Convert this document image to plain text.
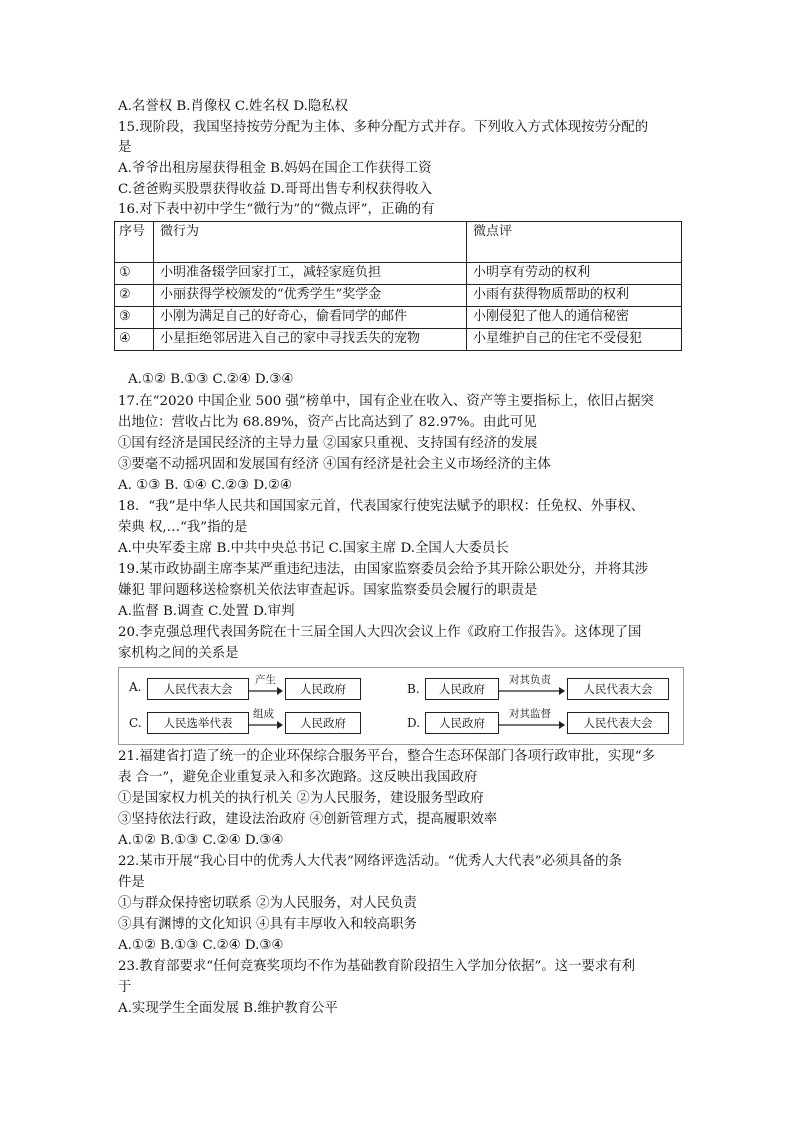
A.名誉权 B.肖像权 C.姓名权 D.隐私权
15.现阶段，我国坚持按劳分配为主体、多种分配方式并存。下列收入方式体现按劳分配的
是
A.爷爷出租房屋获得租金 B.妈妈在国企工作获得工资
C.爸爸购买股票获得收益 D.哥哥出售专利权获得收入
16.对下表中初中学生“微行为”的“微点评”，正确的有
序号	微行为	微点评
①	小明准备辍学回家打工，减轻家庭负担	小明享有劳动的权利
②	小丽获得学校颁发的“优秀学生”奖学金	小雨有获得物质帮助的权利
③	小刚为满足自己的好奇心，偷看同学的邮件	小刚侵犯了他人的通信秘密
④	小星拒绝邻居进入自己的家中寻找丢失的宠物	小星维护自己的住宅不受侵犯
A.①② B.①③ C.②④ D.③④
17.在“2020 中国企业 500 强”榜单中，国有企业在收入、资产等主要指标上，依旧占据突
出地位：营收占比为 68.89%，资产占比高达到了 82.97%。由此可见
①国有经济是国民经济的主导力量 ②国家只重视、支持国有经济的发展
③要毫不动摇巩固和发展国有经济 ④国有经济是社会主义市场经济的主体
A. ①③ B. ①④ C.②③ D.②④
18．“我”是中华人民共和国国家元首，代表国家行使宪法赋予的职权：任免权、外事权、
荣典 权,…“我”指的是
A.中央军委主席 B.中共中央总书记 C.国家主席 D.全国人大委员长
19.某市政协副主席李某严重违纪违法，由国家监察委员会给予其开除公职处分，并将其涉
嫌犯 罪问题移送检察机关依法审查起诉。国家监察委员会履行的职责是
A.监督 B.调查 C.处置 D.审判
20.李克强总理代表国务院在十三届全国人大四次会议上作《政府工作报告》。这体现了国
家机构之间的关系是
A.	人民代表大会
产生
人民政府	B.	人民政府
对其负责
人民代表大会
C.	人民选举代表
组成
人民政府	D.	人民政府
对其监督
人民代表大会
21.福建省打造了统一的企业环保综合服务平台，整合生态环保部门各项行政审批，实现“多
表 合一”，避免企业重复录入和多次跑路。这反映出我国政府
①是国家权力机关的执行机关 ②为人民服务，建设服务型政府
③坚持依法行政，建设法治政府 ④创新管理方式，提高履职效率
A.①② B.①③ C.②④ D.③④
22.某市开展“我心目中的优秀人大代表”网络评选活动。“优秀人大代表”必须具备的条
件是
①与群众保持密切联系 ②为人民服务，对人民负责
③具有渊博的文化知识 ④具有丰厚收入和较高职务
A.①② B.①③ C.②④ D.③④
23.教育部要求“任何竞赛奖项均不作为基础教育阶段招生入学加分依据”。这一要求有利
于
A.实现学生全面发展 B.维护教育公平
